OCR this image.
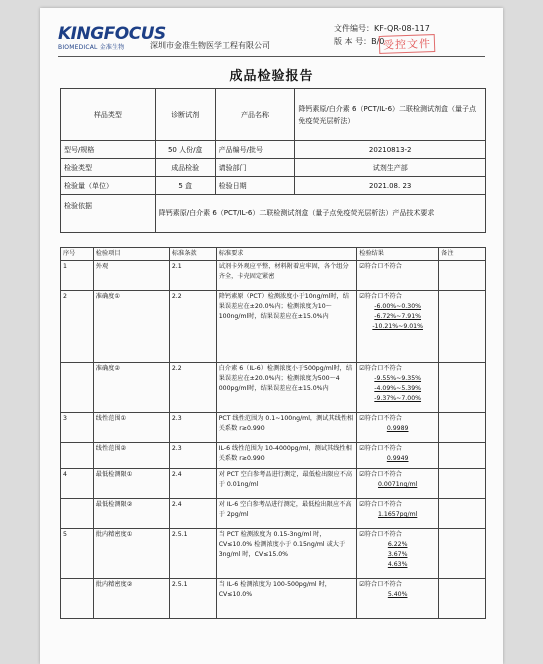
KINGFOCUS
BIOMEDICAL 金准生物	深圳市金准生物医学工程有限公司
文件编号：KF-QR-08-117
版 本 号：B/0
受控文件
成品检验报告
样品类型	诊断试剂	产品名称	降钙素原/白介素 6（PCT/IL-6）二联检测试剂盒（量子点免疫荧光层析法）
型号/规格	50 人份/盒	产品编号/批号	20210813-2
检验类型	成品检验	请验部门	试剂生产部
检验量（单位）	5 盒	检验日期	2021.08. 23
检验依据	降钙素原/白介素 6（PCT/IL-6）二联检测试剂盒（量子点免疫荧光层析法）产品技术要求		
序号	检验项目	标准条款	标准要求	检验结果	备注
1	外观	2.1	试剂卡外观应平整，材料附着应牢固，各个组分齐全，卡壳固定紧密	☑符合口不符合	

2	准确度①	2.2	降钙素原（PCT）检测浓度小于10ng/ml时，结果误差应在±20.0%内；检测浓度为10～100ng/ml时，结果误差应在±15.0%内	☑符合口不符合
-6.00%~0.30%
-6.72%~7.91%
-10.21%~9.01%	

	准确度②	2.2	白介素 6（IL-6）检测浓度小于500pg/ml时，结果误差应在±20.0%内；检测浓度为500～4 000pg/ml时，结果误差应在±15.0%内	☑符合口不符合
-9.55%~9.35%
-4.09%~5.39%
-9.37%~7.00%	

3	线性范围①	2.3	PCT 线性范围为 0.1~100ng/ml，测试其线性相关系数 r≥0.990	☑符合口不符合
0.9989	

	线性范围②	2.3	IL-6 线性范围为 10-4000pg/ml，测试其线性相关系数 r≥0.990	☑符合口不符合
0.9949	

4	最低检测限①	2.4	对 PCT 空白参考品进行测定，最低检出限应不高于 0.01ng/ml	☑符合口不符合
0.0071ng/ml	

	最低检测限②	2.4	对 IL-6 空白参考品进行测定，最低检出限应不高于 2pg/ml	☑符合口不符合
1.1657pg/ml	

5	批内精密度①	2.5.1	当 PCT 检测浓度为 0.15-3ng/ml 时，CV≤10.0% 检测浓度小于 0.15ng/ml 或大于 3ng/ml 时，CV≤15.0%	☑符合口不符合
6.22%
3.67%
4.63%	

	批内精密度②	2.5.1	当 IL-6 检测浓度为 100-500pg/ml 时，CV≤10.0%	☑符合口不符合
5.40%	
